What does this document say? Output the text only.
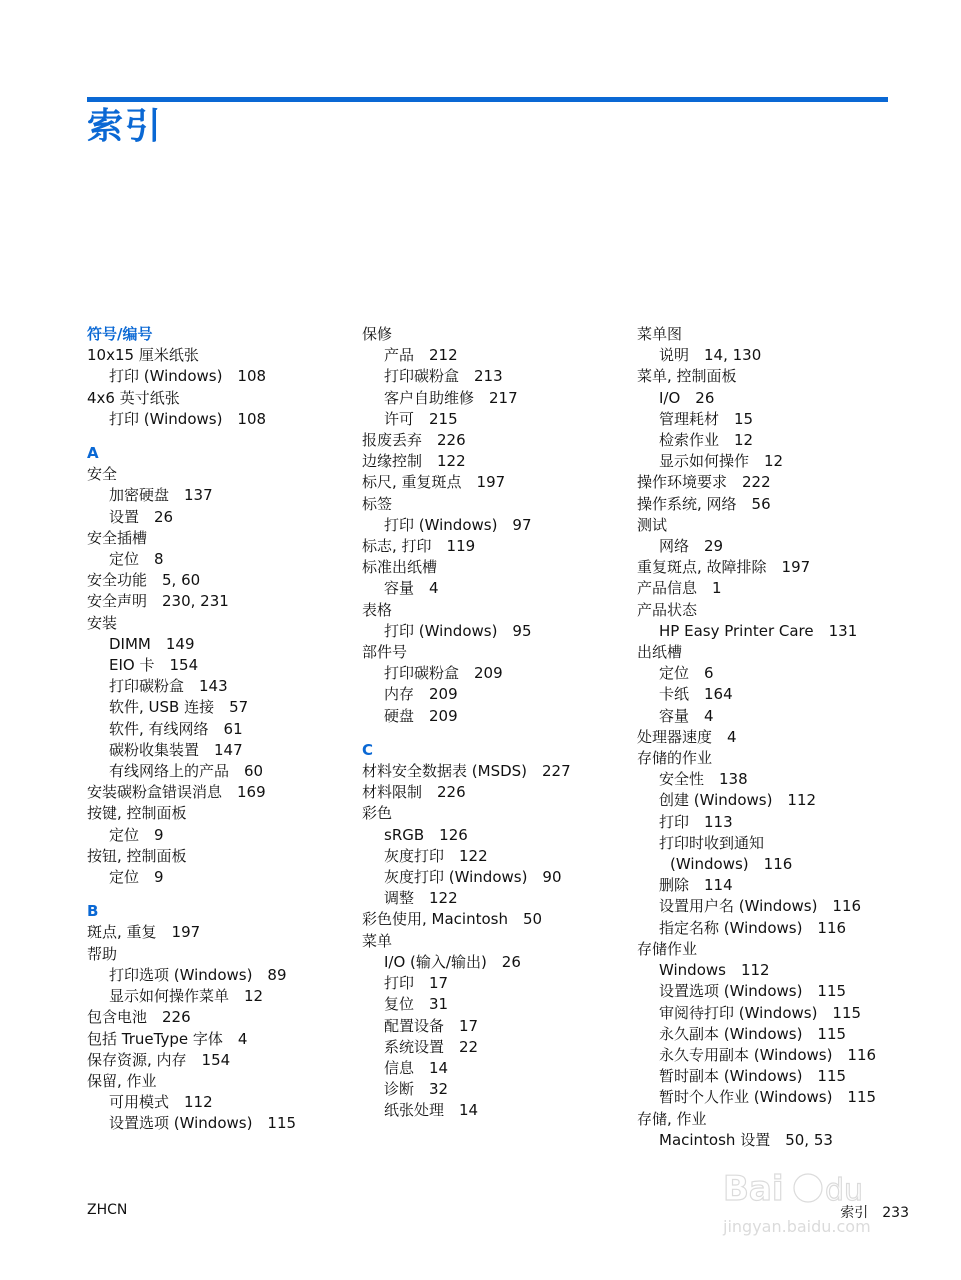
索引
符号/编号
10x15 厘米纸张
打印 (Windows)　108
4x6 英寸纸张
打印 (Windows)　108
A
安全
加密硬盘　137
设置　26
安全插槽
定位　8
安全功能　5, 60
安全声明　230, 231
安装
DIMM　149
EIO 卡　154
打印碳粉盒　143
软件, USB 连接　57
软件, 有线网络　61
碳粉收集装置　147
有线网络上的产品　60
安装碳粉盒错误消息　169
按键, 控制面板
定位　9
按钮, 控制面板
定位　9
B
斑点, 重复　197
帮助
打印选项 (Windows)　89
显示如何操作菜单　12
包含电池　226
包括 TrueType 字体　4
保存资源, 内存　154
保留, 作业
可用模式　112
设置选项 (Windows)　115
保修
产品　212
打印碳粉盒　213
客户自助维修　217
许可　215
报废丢弃　226
边缘控制　122
标尺, 重复斑点　197
标签
打印 (Windows)　97
标志, 打印　119
标准出纸槽
容量　4
表格
打印 (Windows)　95
部件号
打印碳粉盒　209
内存　209
硬盘　209
C
材料安全数据表 (MSDS)　227
材料限制　226
彩色
sRGB　126
灰度打印　122
灰度打印 (Windows)　90
调整　122
彩色使用, Macintosh　50
菜单
I/O (输入/输出)　26
打印　17
复位　31
配置设备　17
系统设置　22
信息　14
诊断　32
纸张处理　14
菜单图
说明　14, 130
菜单, 控制面板
I/O　26
管理耗材　15
检索作业　12
显示如何操作　12
操作环境要求　222
操作系统, 网络　56
测试
网络　29
重复斑点, 故障排除　197
产品信息　1
产品状态
HP Easy Printer Care　131
出纸槽
定位　6
卡纸　164
容量　4
处理器速度　4
存储的作业
安全性　138
创建 (Windows)　112
打印　113
打印时收到通知
(Windows)　116
删除　114
设置用户名 (Windows)　116
指定名称 (Windows)　116
存储作业
Windows　112
设置选项 (Windows)　115
审阅待打印 (Windows)　115
永久副本 (Windows)　115
永久专用副本 (Windows)　116
暂时副本 (Windows)　115
暂时个人作业 (Windows)　115
存储, 作业
Macintosh 设置　50, 53
ZHCN	索引　233
Bai du
jingyan.baidu.com
